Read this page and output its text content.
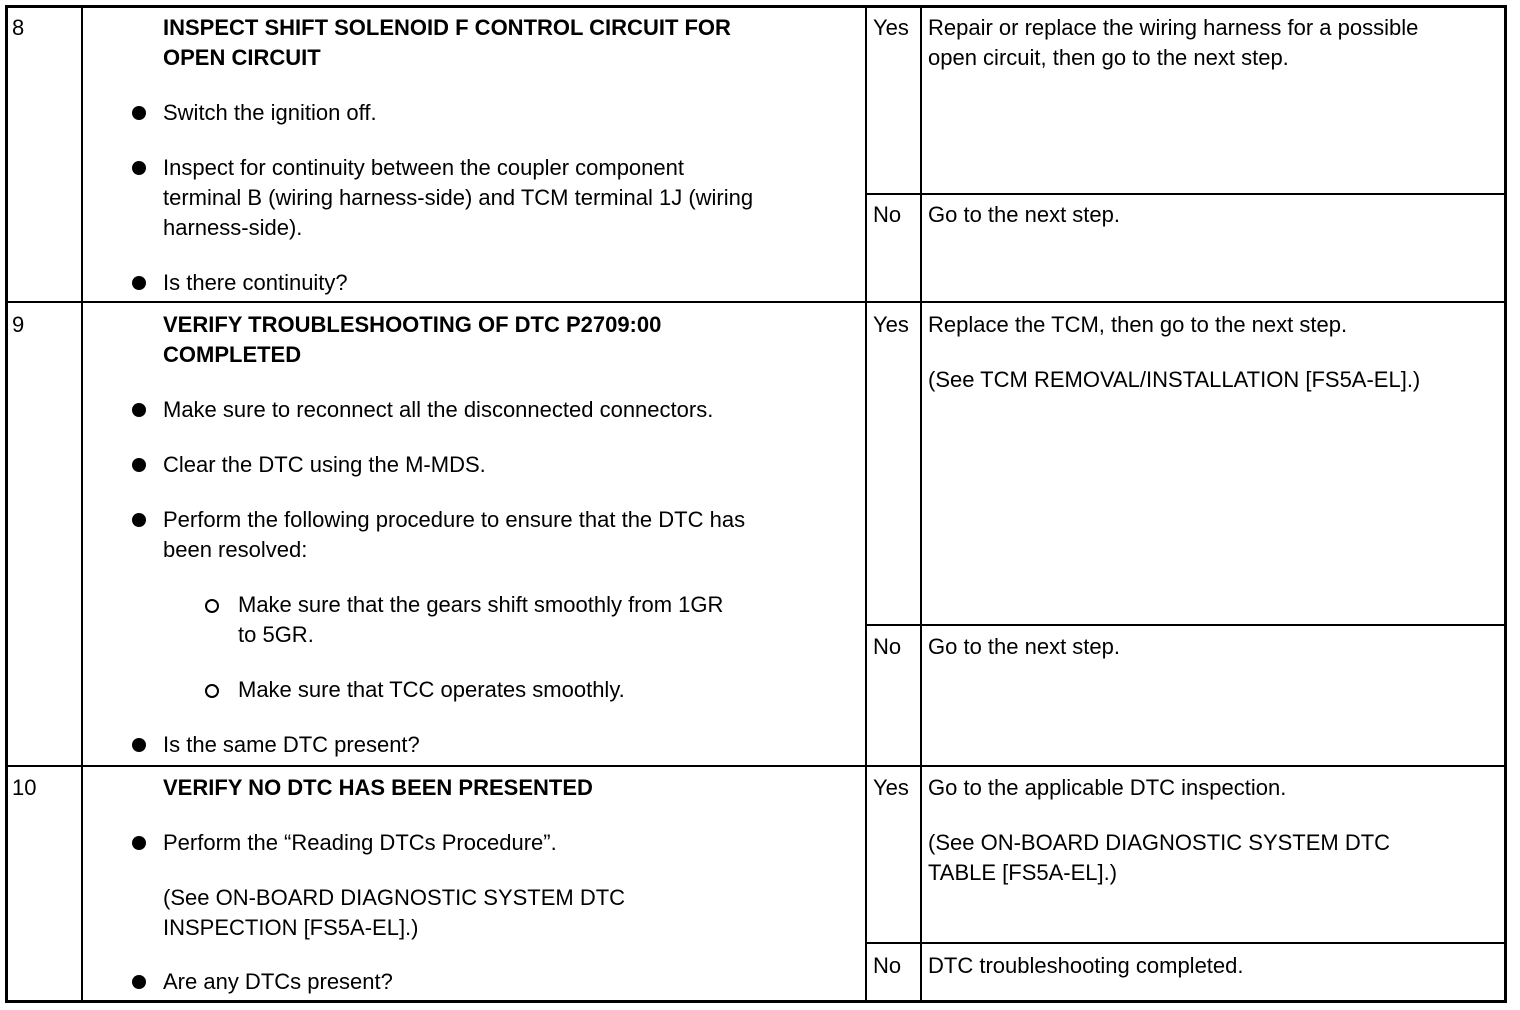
8	INSPECT SHIFT SOLENOID F CONTROL CIRCUIT FOR
OPEN CIRCUIT
Switch the ignition off.
Inspect for continuity between the coupler component
terminal B (wiring harness-side) and TCM terminal 1J (wiring
harness-side).
Is there continuity?
Yes Repair or replace the wiring harness for a possible
open circuit, then go to the next step.
No Go to the next step.
9	VERIFY TROUBLESHOOTING OF DTC P2709:00
COMPLETED
Make sure to reconnect all the disconnected connectors.
Clear the DTC using the M-MDS.
Perform the following procedure to ensure that the DTC has
been resolved:
Make sure that the gears shift smoothly from 1GR
to 5GR.
Make sure that TCC operates smoothly.
Is the same DTC present?
Yes Replace the TCM, then go to the next step.
(See TCM REMOVAL/INSTALLATION [FS5A-EL].)
No Go to the next step.
10	VERIFY NO DTC HAS BEEN PRESENTED
Perform the “Reading DTCs Procedure”.
(See ON-BOARD DIAGNOSTIC SYSTEM DTC
INSPECTION [FS5A-EL].)
Are any DTCs present?
Yes Go to the applicable DTC inspection.
(See ON-BOARD DIAGNOSTIC SYSTEM DTC
TABLE [FS5A-EL].)
No DTC troubleshooting completed.
